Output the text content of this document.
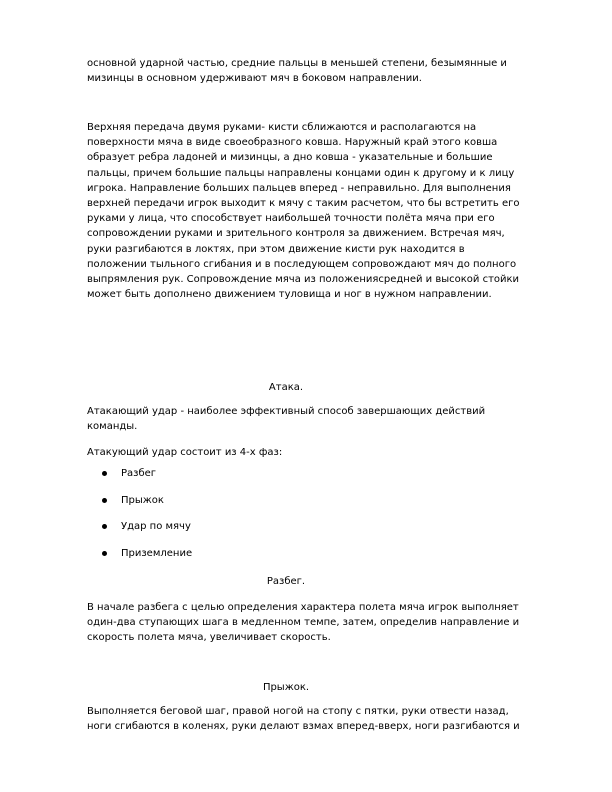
основной ударной частью, средние пальцы в меньшей степени, безымянные и
мизинцы в основном удерживают мяч в боковом направлении.

Верхняя передача двумя руками- кисти сближаются и располагаются на
поверхности мяча в виде своеобразного ковша. Наружный край этого ковша
образует ребра ладоней и мизинцы, а дно ковша - указательные и большие
пальцы, причем большие пальцы направлены концами один к другому и к лицу
игрока. Направление больших пальцев вперед - неправильно. Для выполнения
верхней передачи игрок выходит к мячу с таким расчетом, что бы встретить его
руками у лица, что способствует наибольшей точности полёта мяча при его
сопровождении руками и зрительного контроля за движением. Встречая мяч,
руки разгибаются в локтях, при этом движение кисти рук находится в
положении тыльного сгибания и в последующем сопровождают мяч до полного
выпрямления рук. Сопровождение мяча из положениясредней и высокой стойки
может быть дополнено движением туловища и ног в нужном направлении.

Атака.

Атакающий удар - наиболее эффективный способ завершающих действий
команды.

Атакующий удар состоит из 4-х фаз:

Разбег
Прыжок
Удар по мячу
Приземление

Разбег.

В начале разбега с целью определения характера полета мяча игрок выполняет
один-два ступающих шага в медленном темпе, затем, определив направление и
скорость полета мяча, увеличивает скорость.

Прыжок.

Выполняется беговой шаг, правой ногой на стопу с пятки, руки отвести назад,
ноги сгибаются в коленях, руки делают взмах вперед-вверх, ноги разгибаются и
